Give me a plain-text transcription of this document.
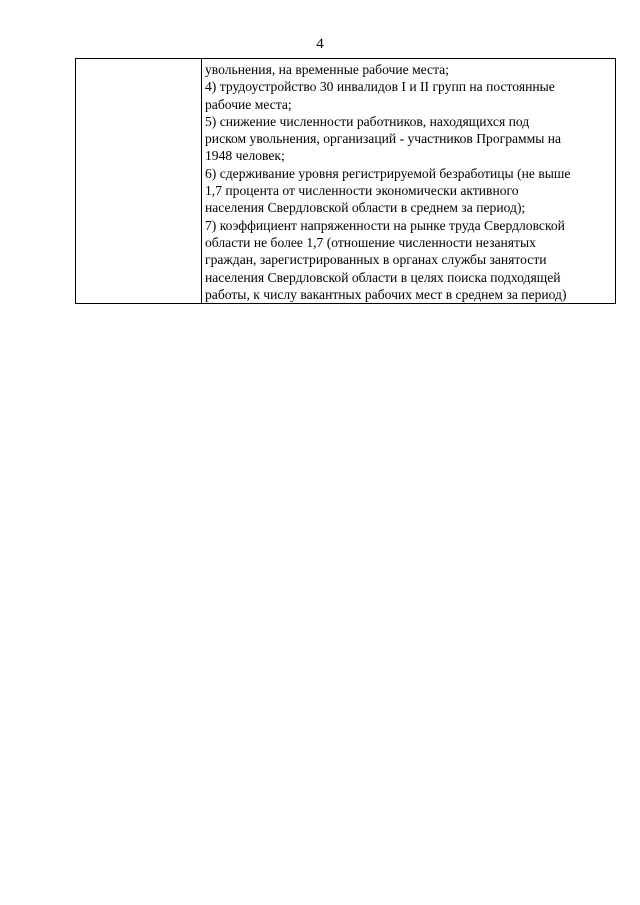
4

увольнения, на временные рабочие места;
4) трудоустройство 30 инвалидов I и II групп на постоянные
рабочие места;
5) снижение численности работников, находящихся под
риском увольнения, организаций - участников Программы на
1948 человек;
6) сдерживание уровня регистрируемой безработицы (не выше
1,7 процента от численности экономически активного
населения Свердловской области в среднем за период);
7) коэффициент напряженности на рынке труда Свердловской
области не более 1,7 (отношение численности незанятых
граждан, зарегистрированных в органах службы занятости
населения Свердловской области в целях поиска подходящей
работы, к числу вакантных рабочих мест в среднем за период)
